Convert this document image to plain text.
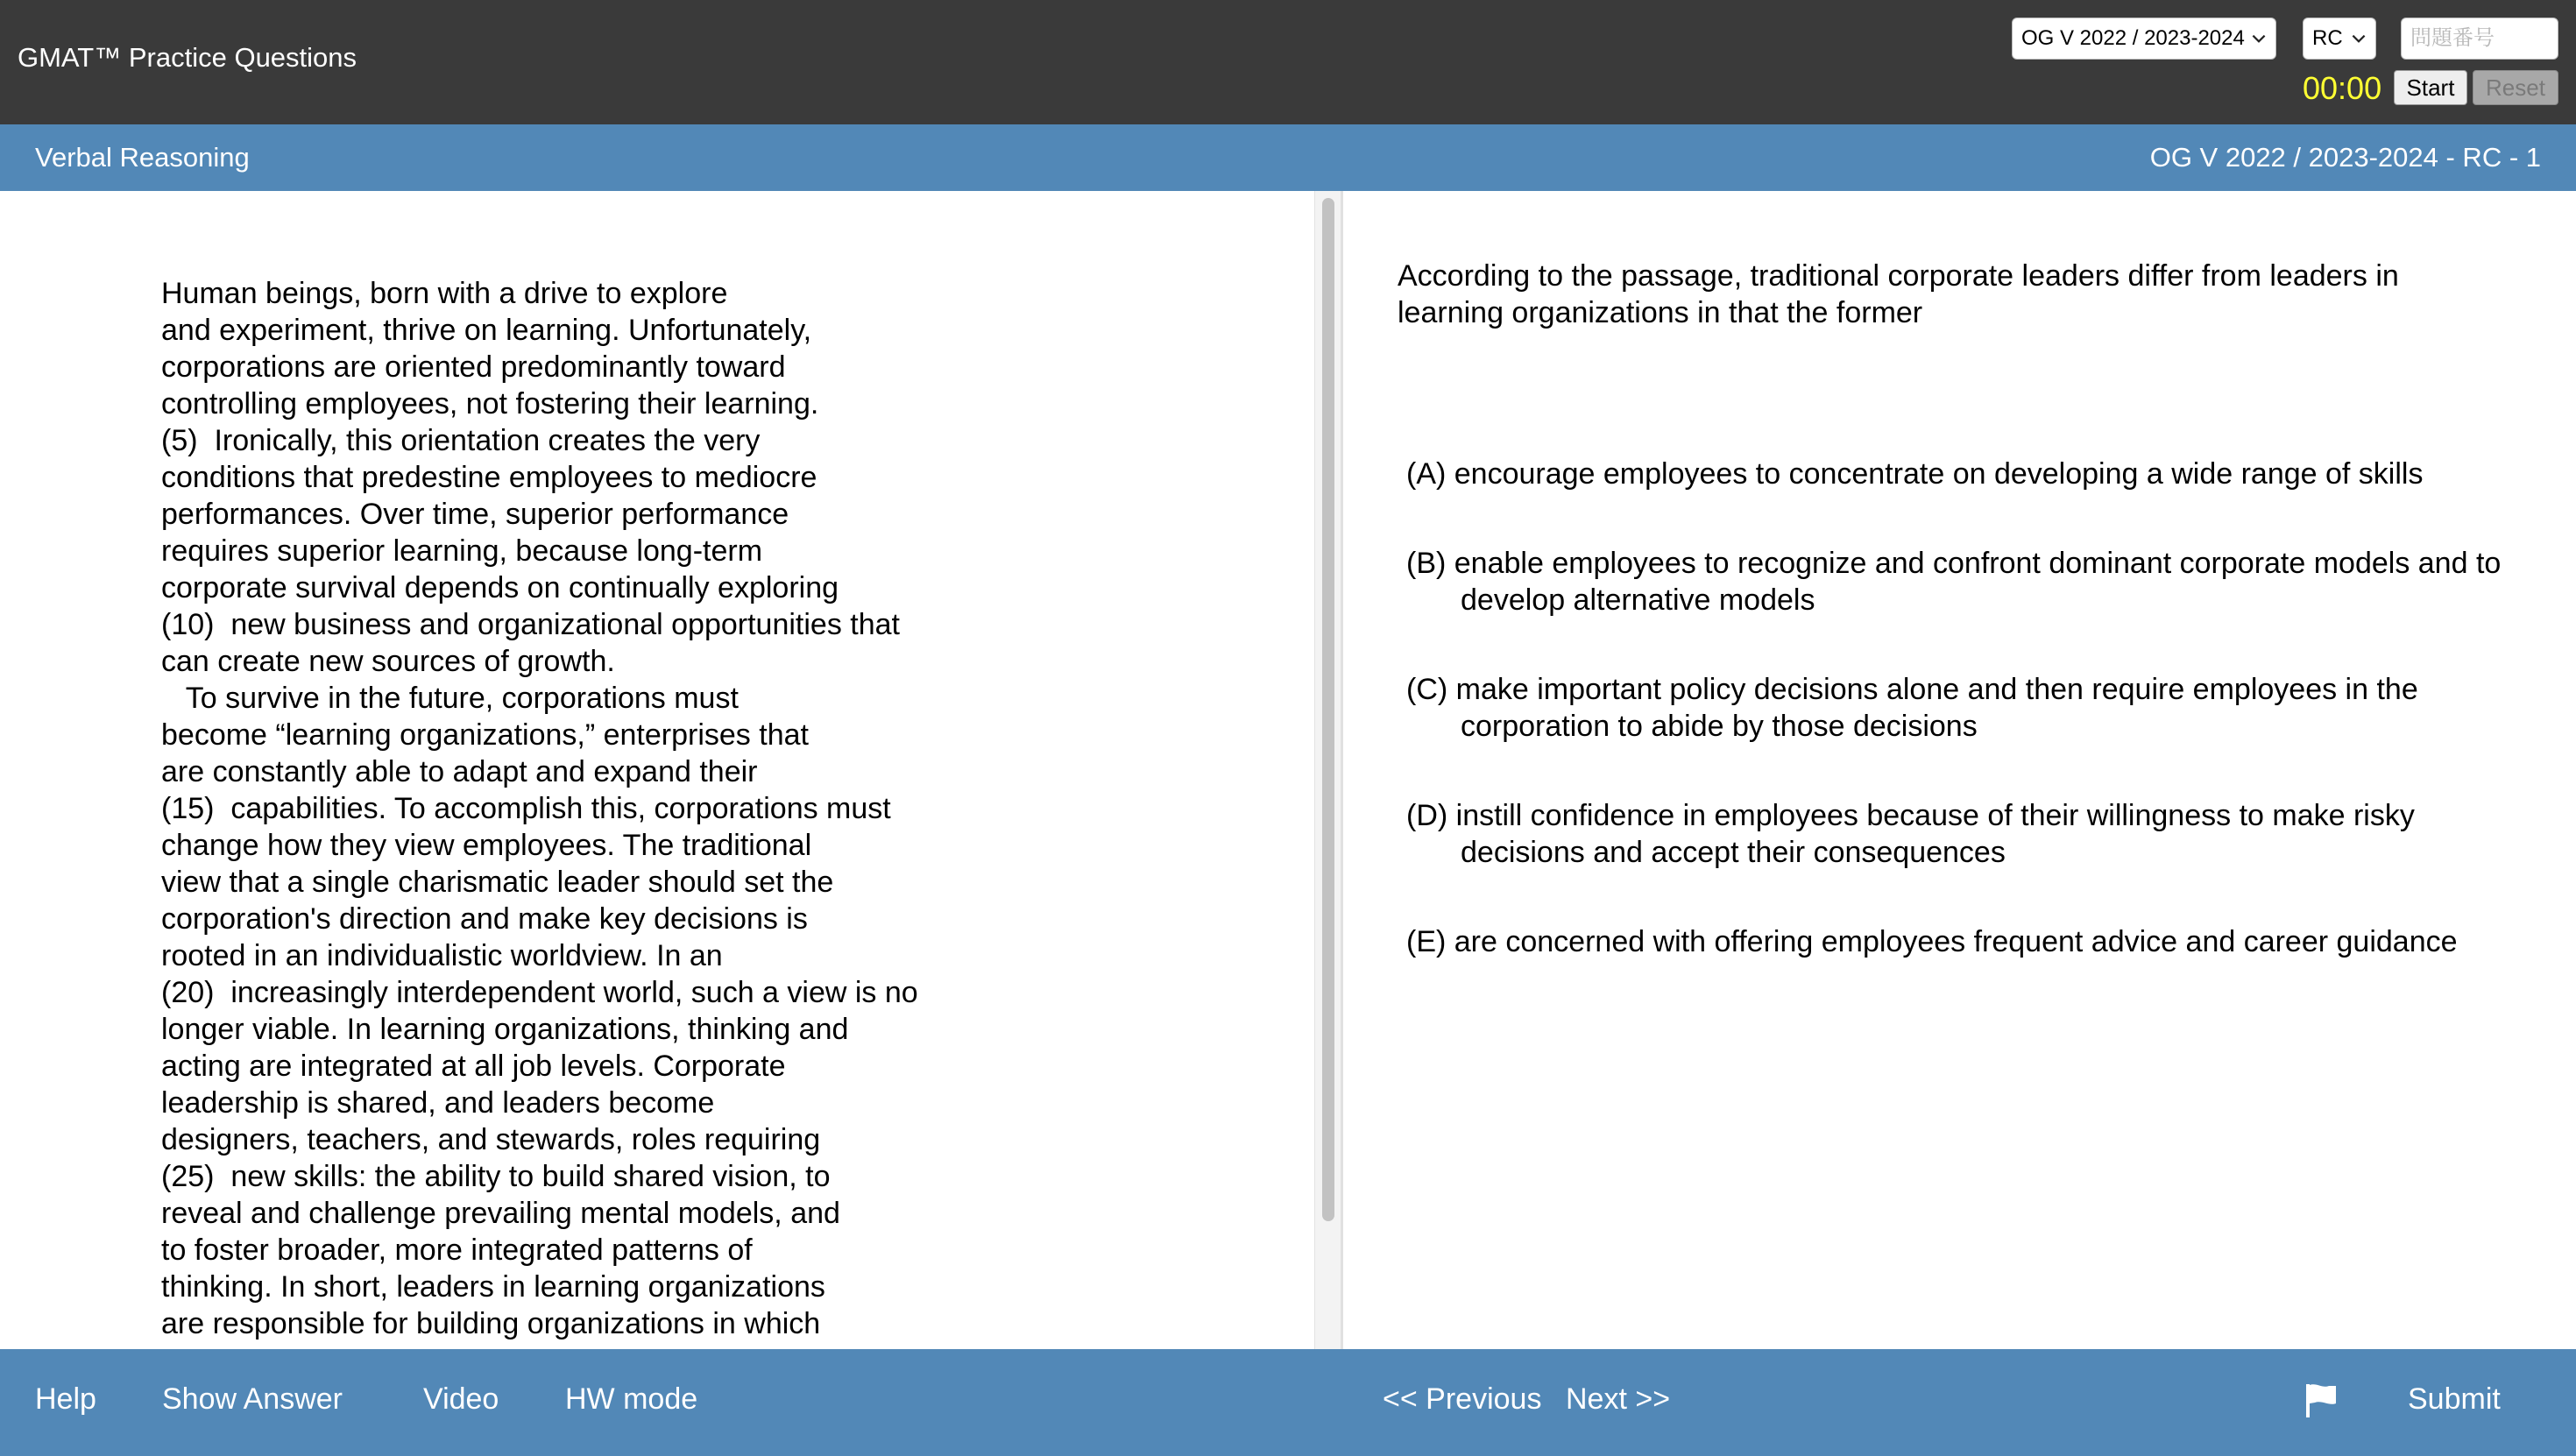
GMAT™ Practice Questions
OG V 2022 / 2023-2024	RC
問題番号
00:00	Start	Reset
Verbal Reasoning	OG V 2022 / 2023-2024 - RC - 1
Human beings, born with a drive to explore
and experiment, thrive on learning. Unfortunately,
corporations are oriented predominantly toward
controlling employees, not fostering their learning.
(5)  Ironically, this orientation creates the very
conditions that predestine employees to mediocre
performances. Over time, superior performance
requires superior learning, because long-term
corporate survival depends on continually exploring
(10)  new business and organizational opportunities that
can create new sources of growth.
To survive in the future, corporations must
become “learning organizations,” enterprises that
are constantly able to adapt and expand their
(15)  capabilities. To accomplish this, corporations must
change how they view employees. The traditional
view that a single charismatic leader should set the
corporation's direction and make key decisions is
rooted in an individualistic worldview. In an
(20)  increasingly interdependent world, such a view is no
longer viable. In learning organizations, thinking and
acting are integrated at all job levels. Corporate
leadership is shared, and leaders become
designers, teachers, and stewards, roles requiring
(25)  new skills: the ability to build shared vision, to
reveal and challenge prevailing mental models, and
to foster broader, more integrated patterns of
thinking. In short, leaders in learning organizations
are responsible for building organizations in which
According to the passage, traditional corporate leaders differ from leaders in learning organizations in that the former
(A) encourage employees to concentrate on developing a wide range of skills
(B) enable employees to recognize and confront dominant corporate models and to develop alternative models
(C) make important policy decisions alone and then require employees in the corporation to abide by those decisions
(D) instill confidence in employees because of their willingness to make risky decisions and accept their consequences
(E) are concerned with offering employees frequent advice and career guidance
Help Show Answer	Video HW mode	<< Previous Next >>	Submit
